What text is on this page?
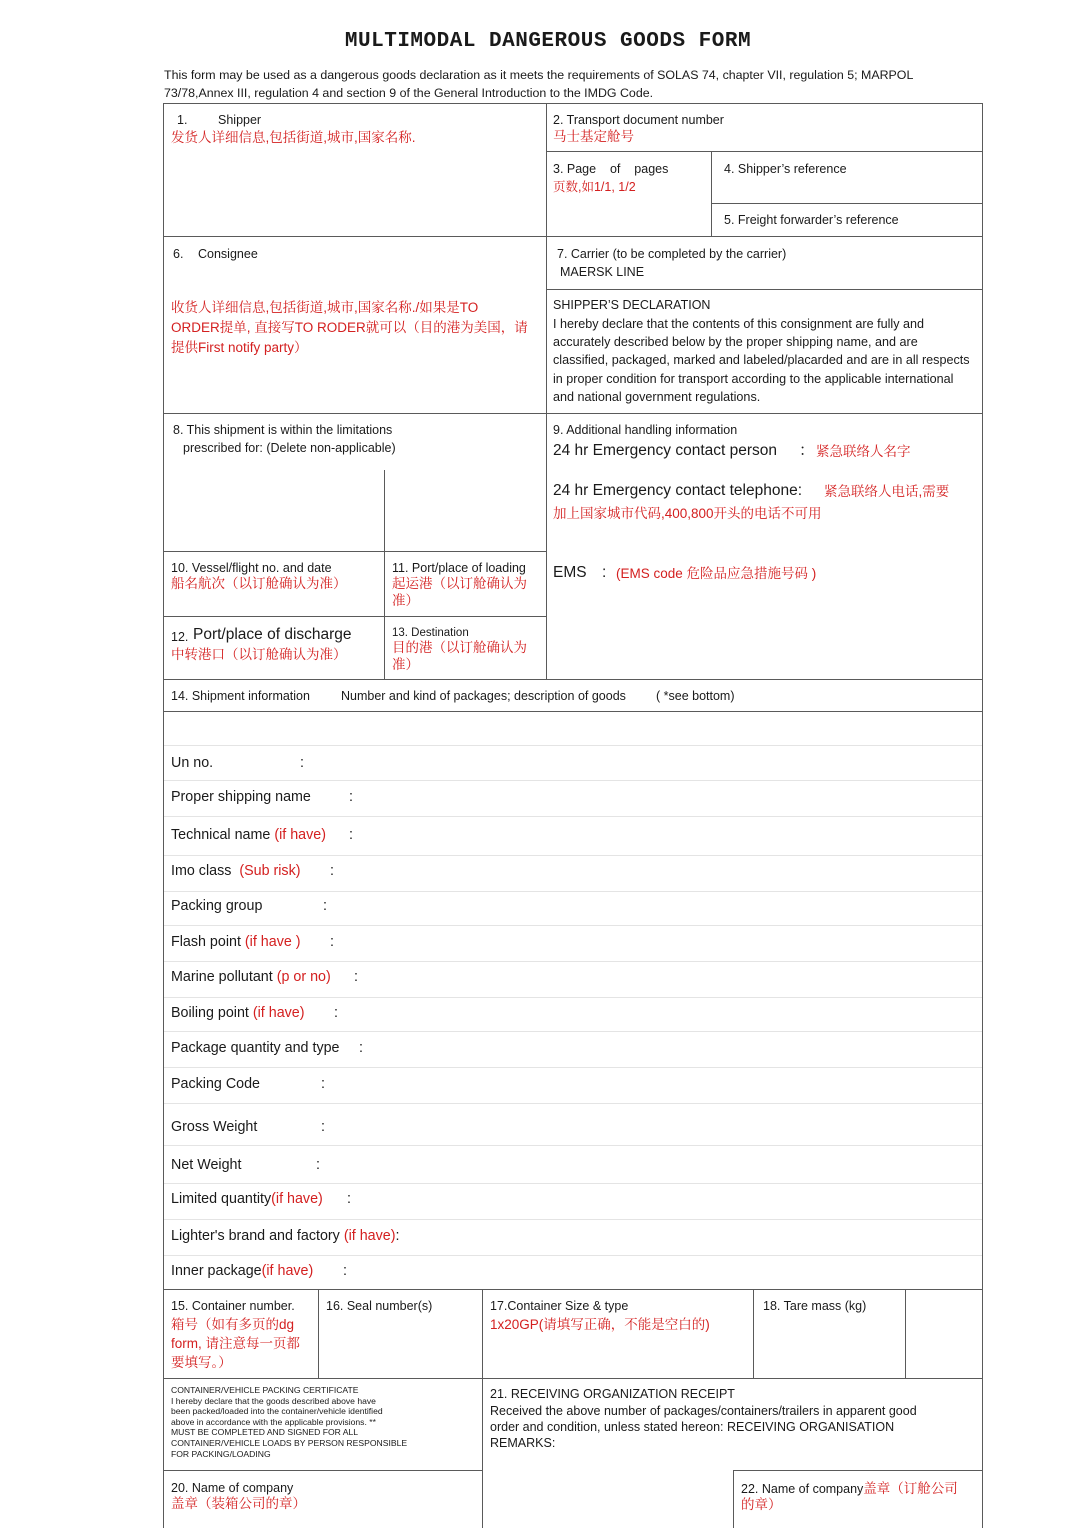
MULTIMODAL DANGEROUS GOODS FORM
This form may be used as a dangerous goods declaration as it meets the requirements of SOLAS 74, chapter VII, regulation 5; MARPOL 73/78,Annex III, regulation 4 and section 9 of the General Introduction to the IMDG Code.
1. Shipper
发货人详细信息,包括街道,城市,国家名称.
2. Transport document number
马士基定舱号
3. Page    of    pages
页数,如1/1, 1/2
4. Shipper’s reference
5. Freight forwarder’s reference
6. Consignee
收货人详细信息,包括街道,城市,国家名称./如果是TO
ORDER提单, 直接写TO RODER就可以（目的港为美国，请
提供First notify party）
7. Carrier (to be completed by the carrier)
MAERSK LINE
SHIPPER’S DECLARATION
I hereby declare that the contents of this consignment are fully and accurately described below by the proper shipping name, and are classified, packaged, marked and labeled/placarded and are in all respects in proper condition for transport according to the applicable international and national government regulations.
8. This shipment is within the limitations
prescribed for: (Delete non-applicable)
9. Additional handling information
24 hr Emergency contact person ： 紧急联络人名字
24 hr Emergency contact telephone: 紧急联络人电话,需要
加上国家城市代码,400,800开头的电话不可用
EMS : (EMS code 危险品应急措施号码 )
10. Vessel/flight no. and date
船名航次（以订舱确认为准）
11. Port/place of loading
起运港（以订舱确认为
准）
12. Port/place of discharge
中转港口（以订舱确认为准）
13. Destination
目的港（以订舱确认为
准）
14. Shipment information Number and kind of packages; description of goods ( *see bottom)
Un no.	:
Proper shipping name	:
Technical name (if have) :
Imo class  (Sub risk) :
Packing group	:
Flash point (if have ) :
Marine pollutant (p or no) :
Boiling point (if have) :
Package quantity and type :
Packing Code	:
Gross Weight	:
Net Weight	:
Limited quantity(if have) :
Lighter's brand and factory (if have):
Inner package(if have) :
15. Container number.
箱号（如有多页的dg
form, 请注意每一页都
要填写。）
16. Seal number(s)	17.Container Size & type
1x20GP(请填写正确，不能是空白的)
18. Tare mass (kg)
CONTAINER/VEHICLE PACKING CERTIFICATE
I hereby declare that the goods described above have
been packed/loaded into the container/vehicle identified
above in accordance with the applicable provisions. **
MUST BE COMPLETED AND SIGNED FOR ALL
CONTAINER/VEHICLE LOADS BY PERSON RESPONSIBLE
FOR PACKING/LOADING
21. RECEIVING ORGANIZATION RECEIPT
Received the above number of packages/containers/trailers in apparent good
order and condition, unless stated hereon: RECEIVING ORGANISATION
REMARKS:
20. Name of company
盖章（装箱公司的章）
22. Name of company盖章（订舱公司
的章）
